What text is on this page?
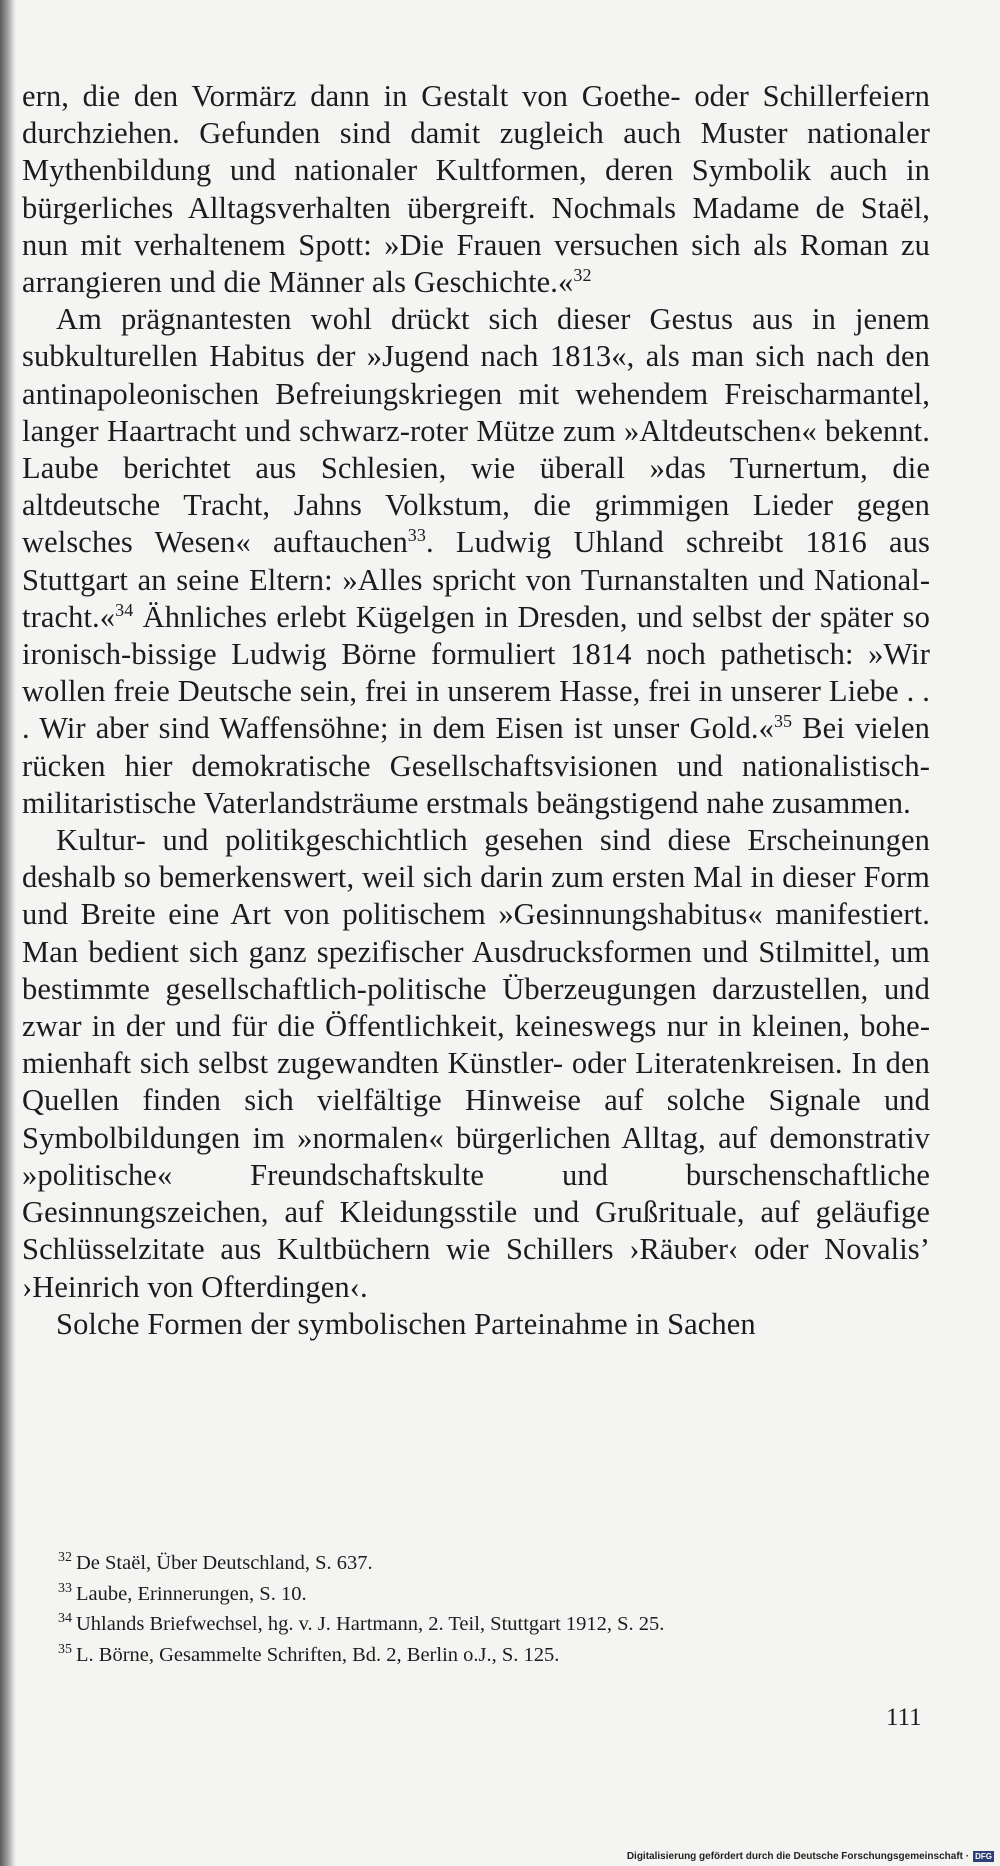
ern, die den Vormärz dann in Gestalt von Goethe- oder Schillerfeiern durchziehen. Gefunden sind damit zugleich auch Muster nationaler Mythenbildung und nationaler Kultformen, deren Symbolik auch in bürgerliches Alltagsverhalten übergreift. Nochmals Madame de Staël, nun mit verhaltenem Spott: »Die Frauen versuchen sich als Roman zu arrangieren und die Männer als Geschichte.«$^{32}$

Am prägnantesten wohl drückt sich dieser Gestus aus in jenem subkulturellen Habitus der »Jugend nach 1813«, als man sich nach den antinapoleonischen Befreiungskriegen mit wehendem Freischarmantel, langer Haartracht und schwarz-roter Mütze zum »Altdeutschen« bekennt. Laube berichtet aus Schlesien, wie überall »das Turnertum, die altdeutsche Tracht, Jahns Volkstum, die grimmigen Lieder gegen welsches Wesen« auftauchen$^{33}$. Ludwig Uhland schreibt 1816 aus Stuttgart an seine Eltern: »Alles spricht von Turnanstalten und Nationaltracht.«$^{34}$ Ähnliches erlebt Kügelgen in Dresden, und selbst der später so ironisch-bissige Ludwig Börne formuliert 1814 noch pathetisch: »Wir wollen freie Deutsche sein, frei in unserem Hasse, frei in unserer Liebe . . . Wir aber sind Waffensöhne; in dem Eisen ist unser Gold.«$^{35}$ Bei vielen rücken hier demokratische Gesellschaftsvisionen und nationalistisch-militaristische Vaterlandsträume erstmals beängstigend nahe zusammen.

Kultur- und politikgeschichtlich gesehen sind diese Erscheinungen deshalb so bemerkenswert, weil sich darin zum ersten Mal in dieser Form und Breite eine Art von politischem »Gesinnungshabitus« manifestiert. Man bedient sich ganz spezifischer Ausdrucksformen und Stilmittel, um bestimmte gesellschaftlich-politische Überzeugungen darzustellen, und zwar in der und für die Öffentlichkeit, keineswegs nur in kleinen, bohemienhaft sich selbst zugewandten Künstler- oder Literatenkreisen. In den Quellen finden sich vielfältige Hinweise auf solche Signale und Symbolbildungen im »normalen« bürgerlichen Alltag, auf demonstrativ »politische« Freundschaftskulte und burschenschaftliche Gesinnungszeichen, auf Kleidungsstile und Grußrituale, auf geläufige Schlüsselzitate aus Kultbüchern wie Schillers ›Räuber‹ oder Novalis’ ›Heinrich von Ofterdingen‹.

Solche Formen der symbolischen Parteinahme in Sachen

$^{32}$ De Staël, Über Deutschland, S. 637.

$^{33}$ Laube, Erinnerungen, S. 10.

$^{34}$ Uhlands Briefwechsel, hg. v. J. Hartmann, 2. Teil, Stuttgart 1912, S. 25.

$^{35}$ L. Börne, Gesammelte Schriften, Bd. 2, Berlin o.J., S. 125.

111
Digitalisierung gefördert durch die Deutsche Forschungsgemeinschaft · DFG
